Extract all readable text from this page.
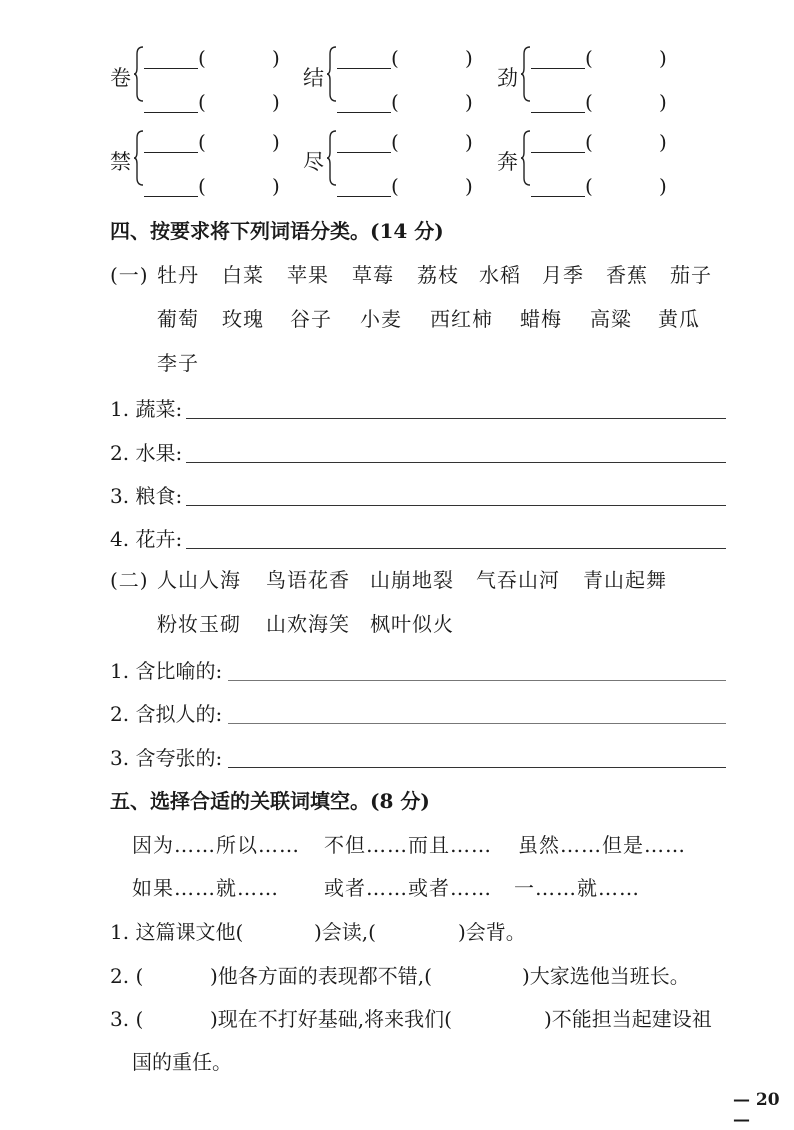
卷
(	)
(	)
结
(	)
(	)
劲
(	)
(	)
禁
(	)
(	)
尽
(	)
(	)
奔
(	)
(	)
四、按要求将下列词语分类。(14 分)
(一) 牡丹 白菜 苹果 草莓 荔枝 水稻 月季 香蕉 茄子
葡萄 玫瑰 谷子 小麦 西红柿 蜡梅 高粱 黄瓜
李子
1. 蔬菜:
2. 水果:
3. 粮食:
4. 花卉:
(二) 人山人海 鸟语花香 山崩地裂 气吞山河 青山起舞
粉妆玉砌 山欢海笑 枫叶似火
1. 含比喻的:
2. 含拟人的:
3. 含夸张的:
五、选择合适的关联词填空。(8 分)
因为……所以…… 不但……而且…… 虽然……但是……
如果……就…… 或者……或者…… 一……就……
1. 这篇课文他(	)会读,(	)会背。
2. (	)他各方面的表现都不错,(	)大家选他当班长。
3. (	)现在不打好基础,将来我们(	)不能担当起建设祖
国的重任。
— 20 —
